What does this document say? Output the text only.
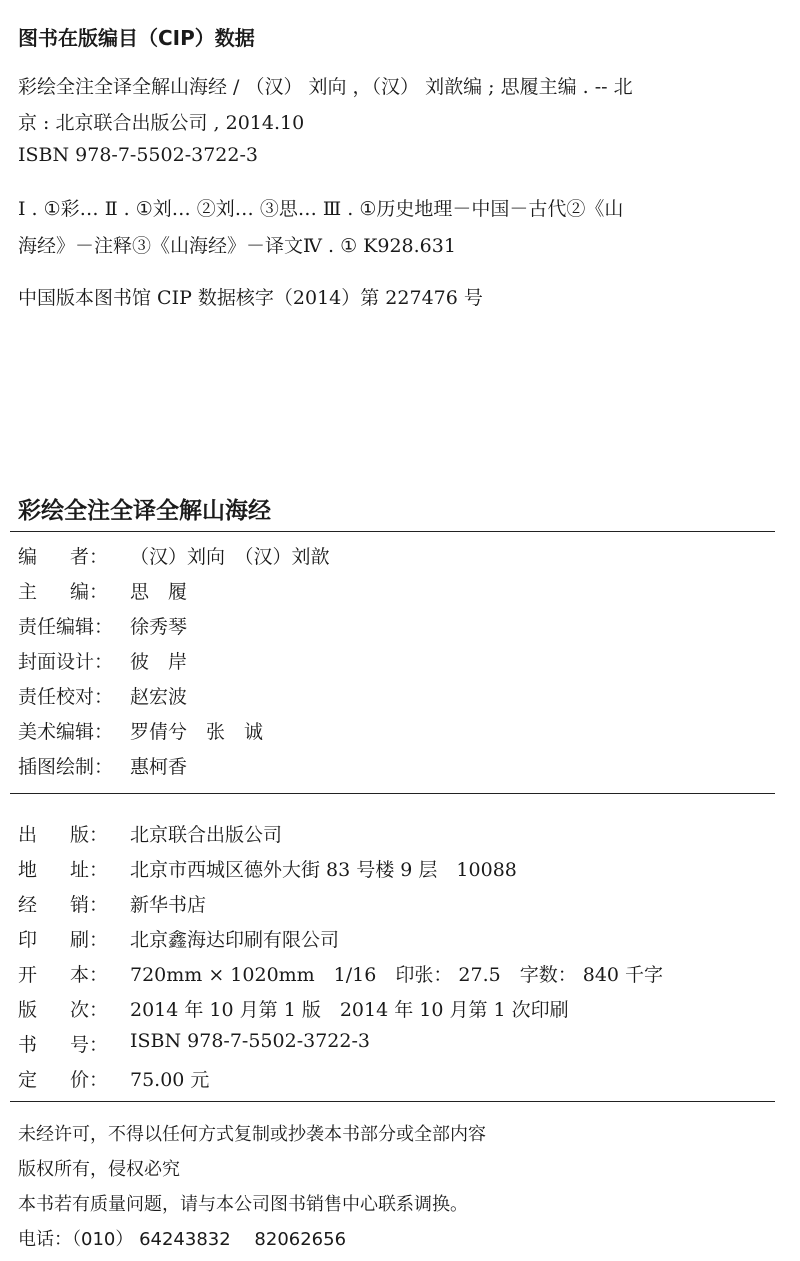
图书在版编目（CIP）数据
彩绘全注全译全解山海经 / （汉） 刘向 ，（汉） 刘歆编 ; 思履主编 . -- 北
京 : 北京联合出版公司 , 2014.10
ISBN 978-7-5502-3722-3
Ⅰ . ①彩… Ⅱ . ①刘… ②刘… ③思… Ⅲ . ①历史地理－中国－古代②《山
海经》－注释③《山海经》－译文Ⅳ . ① K928.631
中国版本图书馆 CIP 数据核字（2014）第 227476 号
彩绘全注全译全解山海经
编 者： （汉）刘向　（汉）刘歆
主 编： 思　履
责任编辑： 徐秀琴
封面设计： 彼　岸
责任校对： 赵宏波
美术编辑： 罗倩兮　张　诚
插图绘制： 惠柯香
出 版： 北京联合出版公司
地 址： 北京市西城区德外大街 83 号楼 9 层　10088
经 销： 新华书店
印 刷： 北京鑫海达印刷有限公司
开 本： 720mm × 1020mm　1/16　印张： 27.5　字数： 840 千字
版 次： 2014 年 10 月第 1 版　2014 年 10 月第 1 次印刷
书 号： ISBN 978-7-5502-3722-3
定 价： 75.00 元
未经许可，不得以任何方式复制或抄袭本书部分或全部内容
版权所有，侵权必究
本书若有质量问题，请与本公司图书销售中心联系调换。
电话：（010） 64243832　 82062656
